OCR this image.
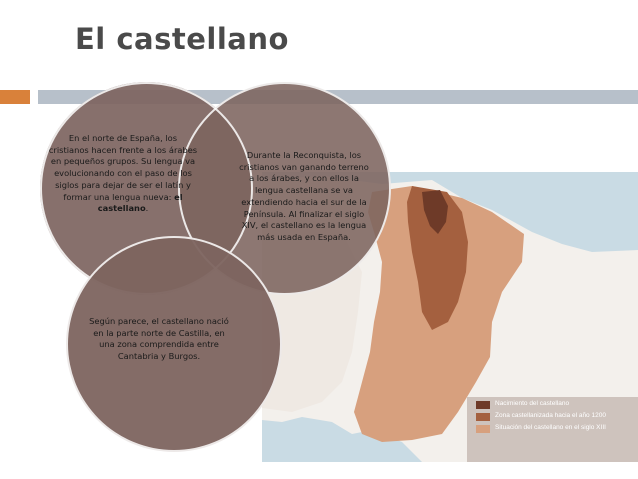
El castellano
Nacimiento del castellano
Zona castellanizada hacia el año 1200
Situación del castellano en el siglo XIII
En el norte de España, los cristianos hacen frente a los árabes en pequeños grupos. Su lengua va evolucionando con el paso de los siglos para dejar de ser el latín y formar una lengua nueva: el castellano.
Durante la Reconquista, los cristianos van ganando terreno a los árabes, y con ellos la lengua castellana se va extendiendo hacia el sur de la Península. Al finalizar el siglo XIV, el castellano es la lengua más usada en España.
Según parece, el castellano nació en la parte norte de Castilla, en una zona comprendida entre Cantabria y Burgos.
